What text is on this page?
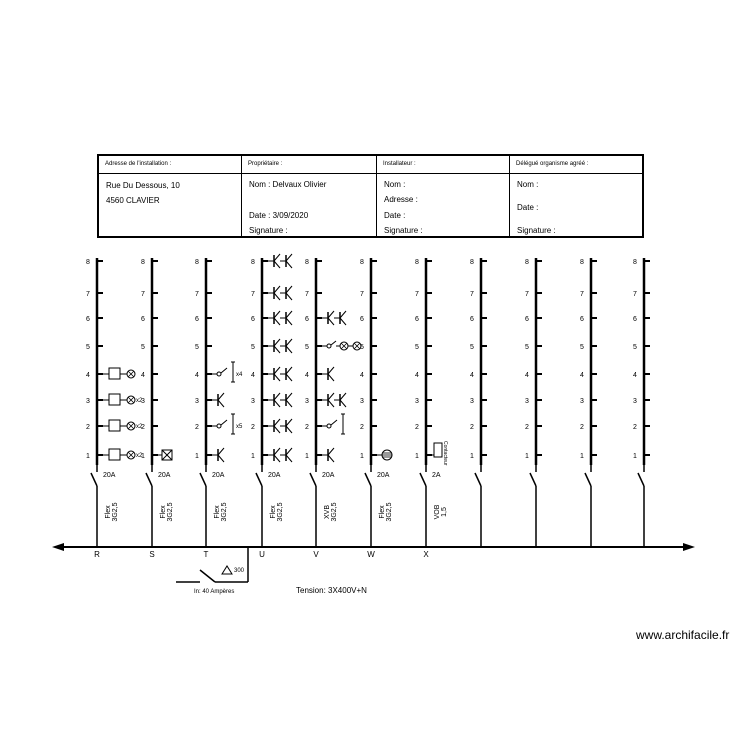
Adresse de l'installation :
Rue Du Dessous, 10
4560 CLAVIER
Propriétaire :
Nom : Delvaux Olivier
Date : 3/09/2020
Signature :
Installateur :
Nom :
Adresse :
Date :
Signature :
Délégué organisme agréé :
Nom :
Date :
Signature :
1
2
3
4
5
6
7
8
20A
Flex 3G2,5
R
x2
x2
x2
1
2
3
4
5
6
7
8
20A
Flex 3G2,5
S
1
2
3
4
5
6
7
8
20A
Flex 3G2,5
T
x5
x4
1
2
3
4
5
6
7
8
20A
Flex 3G2,5
U
1
2
3
4
5
6
7
8
20A
XVB 3G2,5
V
1
2
3
4
5
6
7
8
20A
Flex 3G2,5
W
1
2
3
4
5
6
7
8
2A
VOB 1,5
X
Contacteur	1
2
3
4
5
6
7
8
1
2
3
4
5
6
7
8
1
2
3
4
5
6
7
8
1
2
3
4
5
6
7
8
300
In: 40 Ampères	Tension: 3X400V+N
www.archifacile.fr
